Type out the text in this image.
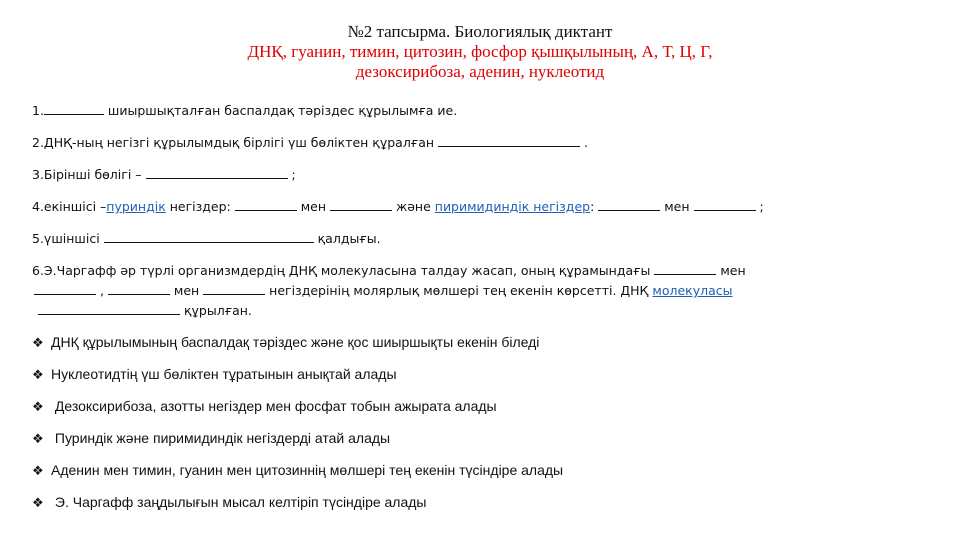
№2 тапсырма. Биологиялық диктант
ДНҚ, гуанин, тимин, цитозин, фосфор қышқылының, А, Т, Ц, Г,
дезоксирибоза, аденин, нуклеотид
1.	шиыршықталған баспалдақ тәріздес құрылымға ие.
2.ДНҚ-ның негізгі құрылымдық бірлігі үш бөліктен құралған	.
3.Бірінші бөлігі –	;
4.екіншісі –пуриндік негіздер:	мен	және пиримидиндік негіздер:	мен	;
5.үшіншісі	қалдығы.
6.Э.Чаргафф әр түрлі организмдердің ДНҚ молекуласына талдау жасап, оның құрамындағы	мен
,	мен	негіздерінің молярлық мөлшері тең екенін көрсетті. ДНҚ молекуласы
құрылған.
❖ ДНҚ құрылымының баспалдақ тәріздес және қос шиыршықты екенін біледі
❖ Нуклеотидтің үш бөліктен тұратынын анықтай алады
❖ Дезоксирибоза, азотты негіздер мен фосфат тобын ажырата алады
❖ Пуриндік және пиримидиндік негіздерді атай алады
❖ Аденин мен тимин, гуанин мен цитозиннің мөлшері тең екенін түсіндіре алады
❖ Э. Чаргафф заңдылығын мысал келтіріп түсіндіре алады
